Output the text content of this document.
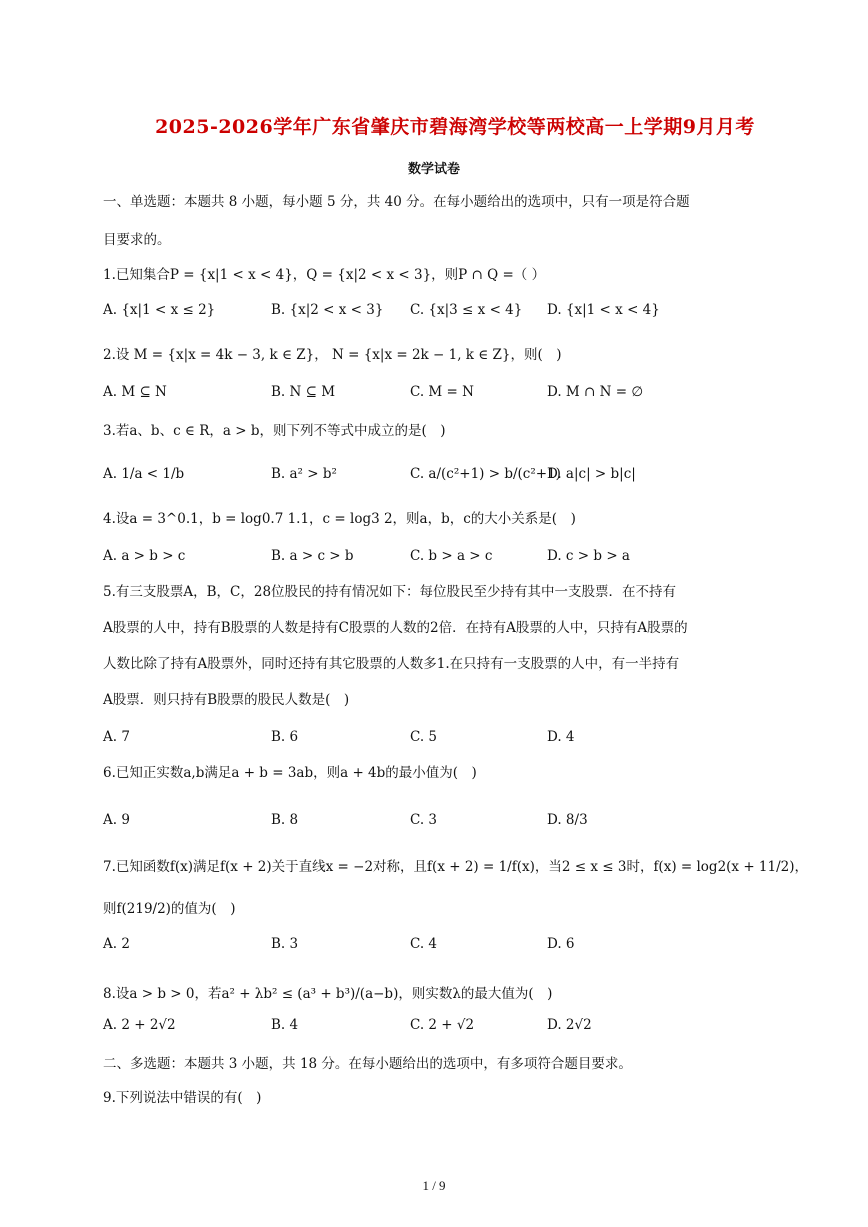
2025-2026学年广东省肇庆市碧海湾学校等两校高一上学期9月月考
数学试卷
一、单选题：本题共 8 小题，每小题 5 分，共 40 分。在每小题给出的选项中，只有一项是符合题
目要求的。
1.已知集合P = {x|1 < x < 4}，Q = {x|2 < x < 3}，则P ∩ Q =（ ）
A. {x|1 < x ≤ 2}	B. {x|2 < x < 3} C. {x|3 ≤ x < 4} D. {x|1 < x < 4}
2.设 M = {x|x = 4k − 3, k ∈ Z}， N = {x|x = 2k − 1, k ∈ Z}，则(　)
A. M ⊆ N	B. N ⊆ M	C. M = N	D. M ∩ N = ∅
3.若a、b、c ∈ R，a > b，则下列不等式中成立的是(　)
A. 1/a < 1/b	B. a² > b²	C. a/(c²+1) > b/(c²+1)
D. a|c| > b|c|
4.设a = 3^0.1，b = log0.7 1.1，c = log3 2，则a，b，c的大小关系是(　)
A. a > b > c	B. a > c > b	C. b > a > c	D. c > b > a
5.有三支股票A，B，C，28位股民的持有情况如下：每位股民至少持有其中一支股票．在不持有
A股票的人中，持有B股票的人数是持有C股票的人数的2倍．在持有A股票的人中，只持有A股票的
人数比除了持有A股票外，同时还持有其它股票的人数多1.在只持有一支股票的人中，有一半持有
A股票．则只持有B股票的股民人数是(　)
A. 7	B. 6	C. 5	D. 4
6.已知正实数a,b满足a + b = 3ab，则a + 4b的最小值为(　)
A. 9	B. 8	C. 3	D. 8/3
7.已知函数f(x)满足f(x + 2)关于直线x = −2对称，且f(x + 2) = 1/f(x)，当2 ≤ x ≤ 3时，f(x) = log2(x + 11/2)，
则f(219/2)的值为(　)
A. 2	B. 3	C. 4	D. 6
8.设a > b > 0，若a² + λb² ≤ (a³ + b³)/(a−b)，则实数λ的最大值为(　)
A. 2 + 2√2	B. 4	C. 2 + √2	D. 2√2
二、多选题：本题共 3 小题，共 18 分。在每小题给出的选项中，有多项符合题目要求。
9.下列说法中错误的有(　)
1 / 9
